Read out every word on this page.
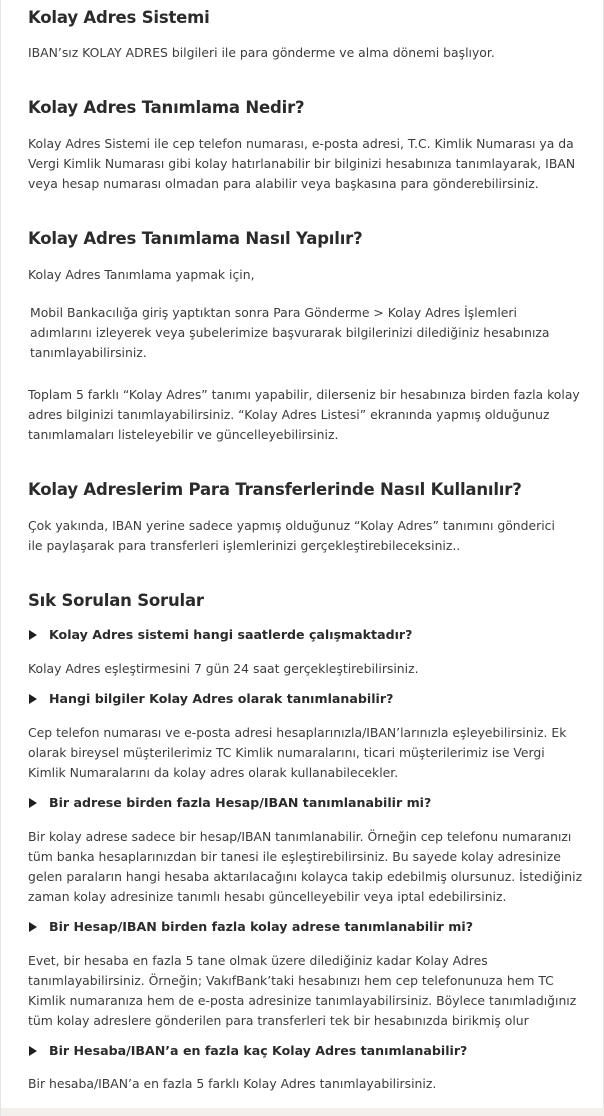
Kolay Adres Sistemi

IBAN’sız KOLAY ADRES bilgileri ile para gönderme ve alma dönemi başlıyor.

Kolay Adres Tanımlama Nedir?

Kolay Adres Sistemi ile cep telefon numarası, e-posta adresi, T.C. Kimlik Numarası ya da Vergi Kimlik Numarası gibi kolay hatırlanabilir bir bilginizi hesabınıza tanımlayarak, IBAN veya hesap numarası olmadan para alabilir veya başkasına para gönderebilirsiniz.

Kolay Adres Tanımlama Nasıl Yapılır?

Kolay Adres Tanımlama yapmak için,

Mobil Bankacılığa giriş yaptıktan sonra Para Gönderme > Kolay Adres İşlemleri adımlarını izleyerek veya şubelerimize başvurarak bilgilerinizi dilediğiniz hesabınıza tanımlayabilirsiniz.

Toplam 5 farklı “Kolay Adres” tanımı yapabilir, dilerseniz bir hesabınıza birden fazla kolay adres bilginizi tanımlayabilirsiniz. “Kolay Adres Listesi” ekranında yapmış olduğunuz tanımlamaları listeleyebilir ve güncelleyebilirsiniz.

Kolay Adreslerim Para Transferlerinde Nasıl Kullanılır?

Çok yakında, IBAN yerine sadece yapmış olduğunuz “Kolay Adres” tanımını gönderici ile paylaşarak para transferleri işlemlerinizi gerçekleştirebileceksiniz..

Sık Sorulan Sorular
Kolay Adres sistemi hangi saatlerde çalışmaktadır?

Kolay Adres eşleştirmesini 7 gün 24 saat gerçekleştirebilirsiniz.

Hangi bilgiler Kolay Adres olarak tanımlanabilir?

Cep telefon numarası ve e-posta adresi hesaplarınızla/IBAN’larınızla eşleyebilirsiniz. Ek olarak bireysel müşterilerimiz TC Kimlik numaralarını, ticari müşterilerimiz ise Vergi Kimlik Numaralarını da kolay adres olarak kullanabilecekler.

Bir adrese birden fazla Hesap/IBAN tanımlanabilir mi?

Bir kolay adrese sadece bir hesap/IBAN tanımlanabilir. Örneğin cep telefonu numaranızı tüm banka hesaplarınızdan bir tanesi ile eşleştirebilirsiniz. Bu sayede kolay adresinize gelen paraların hangi hesaba aktarılacağını kolayca takip edebilmiş olursunuz. İstediğiniz zaman kolay adresinize tanımlı hesabı güncelleyebilir veya iptal edebilirsiniz.

Bir Hesap/IBAN birden fazla kolay adrese tanımlanabilir mi?

Evet, bir hesaba en fazla 5 tane olmak üzere dilediğiniz kadar Kolay Adres tanımlayabilirsiniz. Örneğin; VakıfBank’taki hesabınızı hem cep telefonunuza hem TC Kimlik numaranıza hem de e-posta adresinize tanımlayabilirsiniz. Böylece tanımladığınız tüm kolay adreslere gönderilen para transferleri tek bir hesabınızda birikmiş olur

Bir Hesaba/IBAN’a en fazla kaç Kolay Adres tanımlanabilir?

Bir hesaba/IBAN’a en fazla 5 farklı Kolay Adres tanımlayabilirsiniz.
